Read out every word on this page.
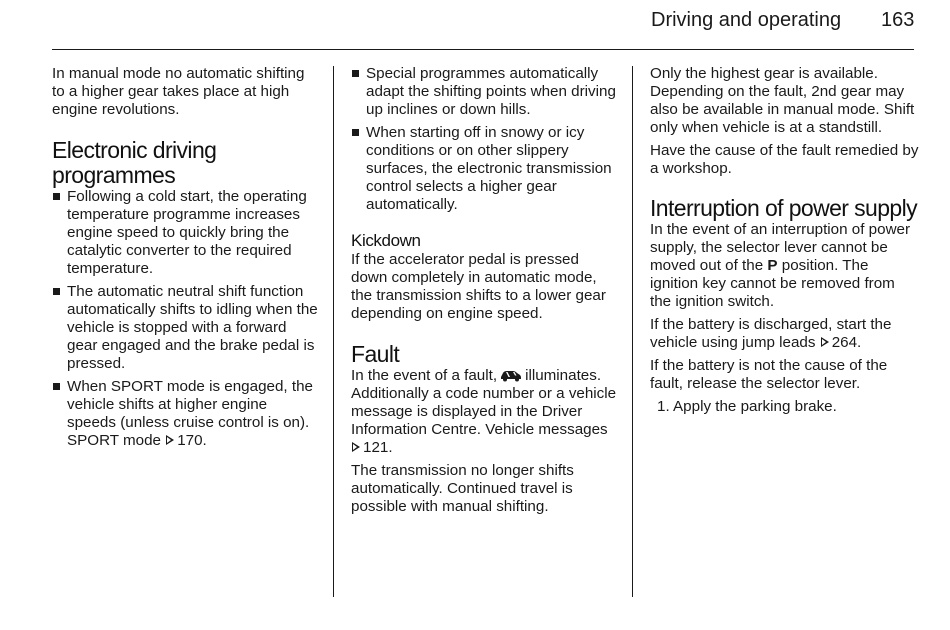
Driving and operating 163

In manual mode no automatic shifting to a higher gear takes place at high engine revolutions.

Electronic driving programmes
Following a cold start, the operating temperature programme increases engine speed to quickly bring the catalytic converter to the required temperature.
The automatic neutral shift function automatically shifts to idling when the vehicle is stopped with a forward gear engaged and the brake pedal is pressed.
When SPORT mode is engaged, the vehicle shifts at higher engine speeds (unless cruise control is on). SPORT mode 170.
Special programmes automatically adapt the shifting points when driving up inclines or down hills.
When starting off in snowy or icy conditions or on other slippery surfaces, the electronic transmission control selects a higher gear automatically.
Kickdown

If the accelerator pedal is pressed down completely in automatic mode, the transmission shifts to a lower gear depending on engine speed.

Fault

In the event of a fault, illuminates. Additionally a code number or a vehicle message is displayed in the Driver Information Centre. Vehicle messages 121.

The transmission no longer shifts automatically. Continued travel is possible with manual shifting.

Only the highest gear is available. Depending on the fault, 2nd gear may also be available in manual mode. Shift only when vehicle is at a standstill.

Have the cause of the fault remedied by a workshop.

Interruption of power supply

In the event of an interruption of power supply, the selector lever cannot be moved out of the P position. The ignition key cannot be removed from the ignition switch.

If the battery is discharged, start the vehicle using jump leads 264.

If the battery is not the cause of the fault, release the selector lever.

1. Apply the parking brake.
